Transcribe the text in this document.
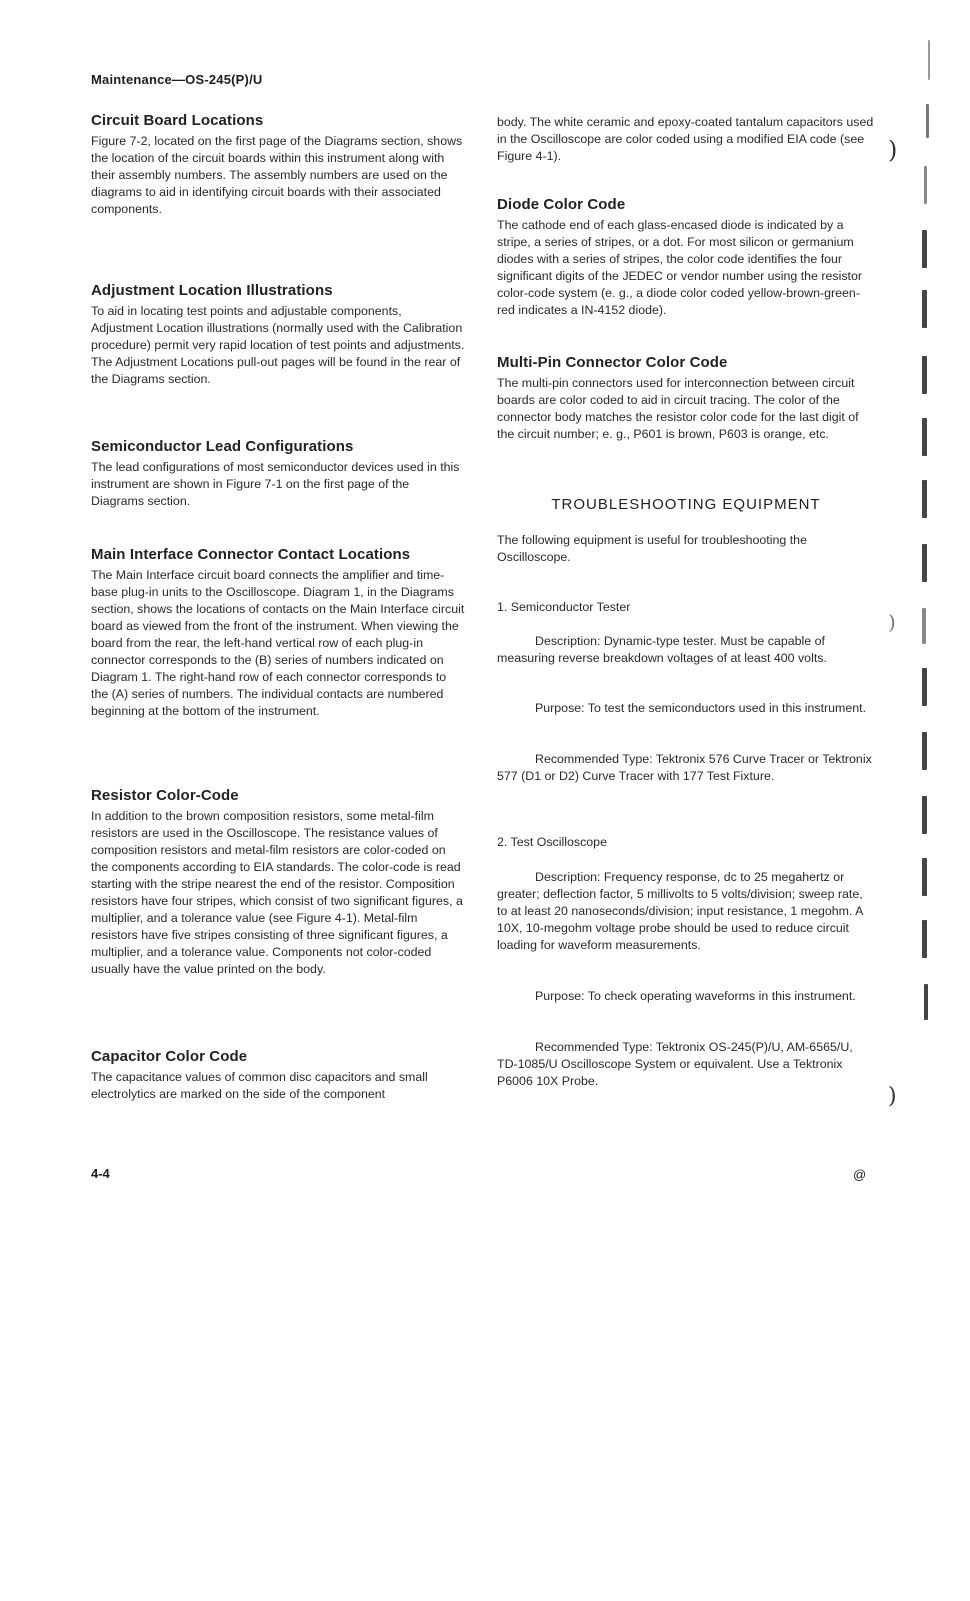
Maintenance—OS-245(P)/U
Circuit Board Locations

Figure 7-2, located on the first page of the Diagrams section, shows the location of the circuit boards within this instrument along with their assembly numbers. The assembly numbers are used on the diagrams to aid in identifying circuit boards with their associated components.

Adjustment Location Illustrations

To aid in locating test points and adjustable components, Adjustment Location illustrations (normally used with the Calibration procedure) permit very rapid location of test points and adjustments. The Adjustment Locations pull-out pages will be found in the rear of the Diagrams section.

Semiconductor Lead Configurations

The lead configurations of most semiconductor devices used in this instrument are shown in Figure 7-1 on the first page of the Diagrams section.

Main Interface Connector Contact Locations

The Main Interface circuit board connects the amplifier and time-base plug-in units to the Oscilloscope. Diagram 1, in the Diagrams section, shows the locations of contacts on the Main Interface circuit board as viewed from the front of the instrument. When viewing the board from the rear, the left-hand vertical row of each plug-in connector corresponds to the (B) series of numbers indicated on Diagram 1. The right-hand row of each connector corresponds to the (A) series of numbers. The individual contacts are numbered beginning at the bottom of the instrument.

Resistor Color-Code

In addition to the brown composition resistors, some metal-film resistors are used in the Oscilloscope. The resistance values of composition resistors and metal-film resistors are color-coded on the components according to EIA standards. The color-code is read starting with the stripe nearest the end of the resistor. Composition resistors have four stripes, which consist of two significant figures, a multiplier, and a tolerance value (see Figure 4-1). Metal-film resistors have five stripes consisting of three significant figures, a multiplier, and a tolerance value. Components not color-coded usually have the value printed on the body.

Capacitor Color Code

The capacitance values of common disc capacitors and small electrolytics are marked on the side of the component

body. The white ceramic and epoxy-coated tantalum capacitors used in the Oscilloscope are color coded using a modified EIA code (see Figure 4-1).

Diode Color Code

The cathode end of each glass-encased diode is indicated by a stripe, a series of stripes, or a dot. For most silicon or germanium diodes with a series of stripes, the color code identifies the four significant digits of the JEDEC or vendor number using the resistor color-code system (e. g., a diode color coded yellow-brown-green-red indicates a IN-4152 diode).

Multi-Pin Connector Color Code

The multi-pin connectors used for interconnection between circuit boards are color coded to aid in circuit tracing. The color of the connector body matches the resistor color code for the last digit of the circuit number; e. g., P601 is brown, P603 is orange, etc.

TROUBLESHOOTING EQUIPMENT

The following equipment is useful for troubleshooting the Oscilloscope.

1. Semiconductor Tester

Description: Dynamic-type tester. Must be capable of measuring reverse breakdown voltages of at least 400 volts.

Purpose: To test the semiconductors used in this instrument.

Recommended Type: Tektronix 576 Curve Tracer or Tektronix 577 (D1 or D2) Curve Tracer with 177 Test Fixture.

2. Test Oscilloscope

Description: Frequency response, dc to 25 megahertz or greater; deflection factor, 5 millivolts to 5 volts/division; sweep rate, to at least 20 nanoseconds/division; input resistance, 1 megohm. A 10X, 10-megohm voltage probe should be used to reduce circuit loading for waveform measurements.

Purpose: To check operating waveforms in this instrument.

Recommended Type: Tektronix OS-245(P)/U, AM-6565/U, TD-1085/U Oscilloscope System or equivalent. Use a Tektronix P6006 10X Probe.

4-4	@
)
)
)
